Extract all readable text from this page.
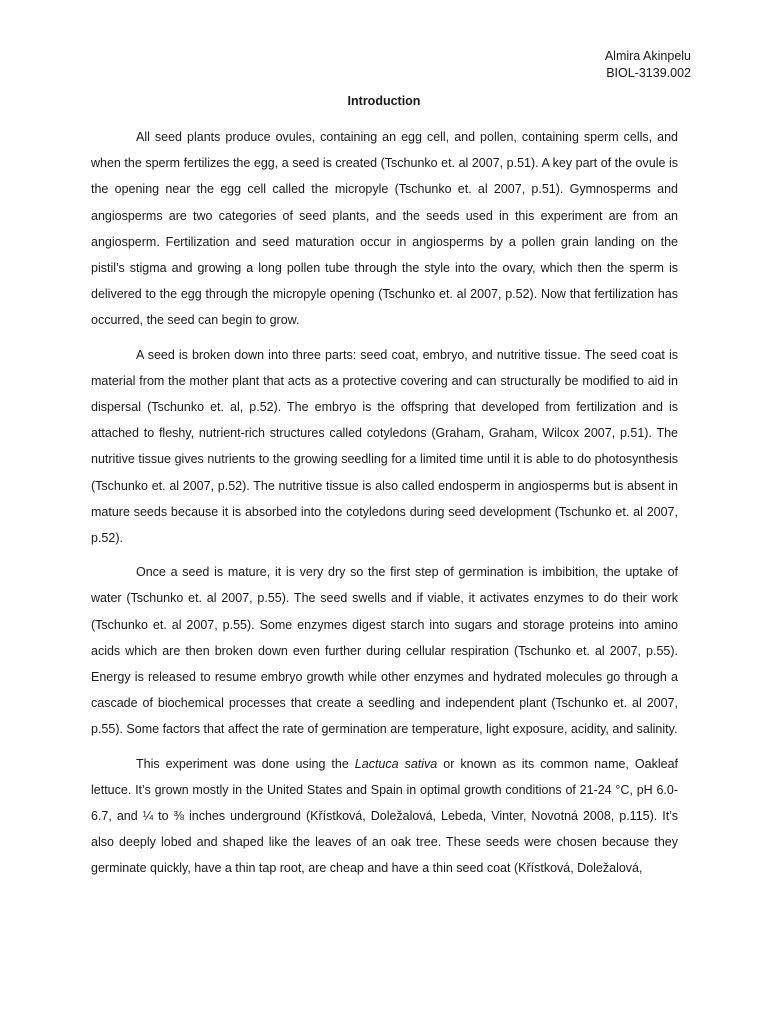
Almira Akinpelu
BIOL-3139.002
Introduction

All seed plants produce ovules, containing an egg cell, and pollen, containing sperm cells, and when the sperm fertilizes the egg, a seed is created (Tschunko et. al 2007, p.51). A key part of the ovule is the opening near the egg cell called the micropyle (Tschunko et. al 2007, p.51). Gymnosperms and angiosperms are two categories of seed plants, and the seeds used in this experiment are from an angiosperm. Fertilization and seed maturation occur in angiosperms by a pollen grain landing on the pistil’s stigma and growing a long pollen tube through the style into the ovary, which then the sperm is delivered to the egg through the micropyle opening (Tschunko et. al 2007, p.52). Now that fertilization has occurred, the seed can begin to grow.

A seed is broken down into three parts: seed coat, embryo, and nutritive tissue. The seed coat is material from the mother plant that acts as a protective covering and can structurally be modified to aid in dispersal (Tschunko et. al, p.52). The embryo is the offspring that developed from fertilization and is attached to fleshy, nutrient-rich structures called cotyledons (Graham, Graham, Wilcox 2007, p.51). The nutritive tissue gives nutrients to the growing seedling for a limited time until it is able to do photosynthesis (Tschunko et. al 2007, p.52). The nutritive tissue is also called endosperm in angiosperms but is absent in mature seeds because it is absorbed into the cotyledons during seed development (Tschunko et. al 2007, p.52).

Once a seed is mature, it is very dry so the first step of germination is imbibition, the uptake of water (Tschunko et. al 2007, p.55). The seed swells and if viable, it activates enzymes to do their work (Tschunko et. al 2007, p.55). Some enzymes digest starch into sugars and storage proteins into amino acids which are then broken down even further during cellular respiration (Tschunko et. al 2007, p.55). Energy is released to resume embryo growth while other enzymes and hydrated molecules go through a cascade of biochemical processes that create a seedling and independent plant (Tschunko et. al 2007, p.55). Some factors that affect the rate of germination are temperature, light exposure, acidity, and salinity.

This experiment was done using the Lactuca sativa or known as its common name, Oakleaf lettuce. It’s grown mostly in the United States and Spain in optimal growth conditions of 21-24 °C, pH 6.0-6.7, and ¼ to ⅜ inches underground (Křístková, Doležalová, Lebeda, Vinter, Novotná 2008, p.115). It’s also deeply lobed and shaped like the leaves of an oak tree. These seeds were chosen because they germinate quickly, have a thin tap root, are cheap and have a thin seed coat (Křístková, Doležalová,
